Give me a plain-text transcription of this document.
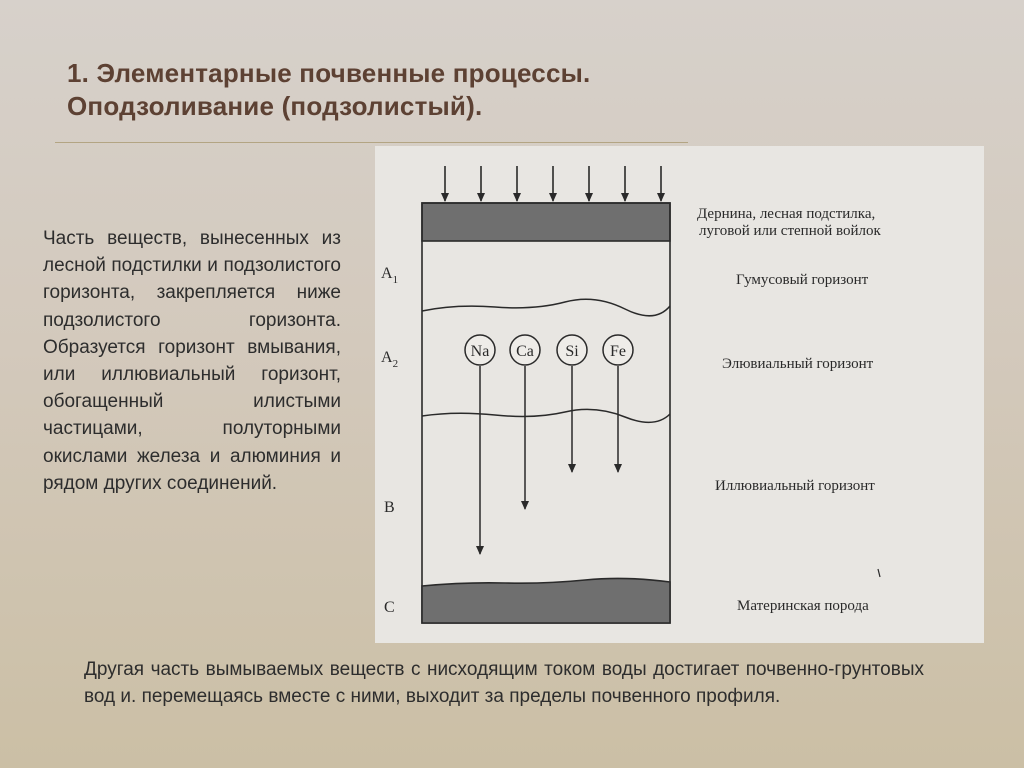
1. Элементарные почвенные процессы.
Оподзоливание (подзолистый).
Часть веществ, вынесенных из лесной подстилки и подзолистого горизонта, закрепляется ниже подзолистого горизонта. Образуется горизонт вмывания, или иллювиальный горизонт, обогащенный илистыми частицами, полуторными окислами железа и алюминия и рядом других соединений.
Na Ca Si Fe
$A_1$
$A_2$
B
C
Дернина, лесная подстилка,
луговой или степной войлок
Гумусовый горизонт
Элювиальный горизонт
Иллювиальный горизонт
Материнская порода
Другая часть вымываемых веществ с нисходящим током воды достигает почвенно-грунтовых вод и. перемещаясь вместе с ними, выходит за пределы почвенного профиля.
